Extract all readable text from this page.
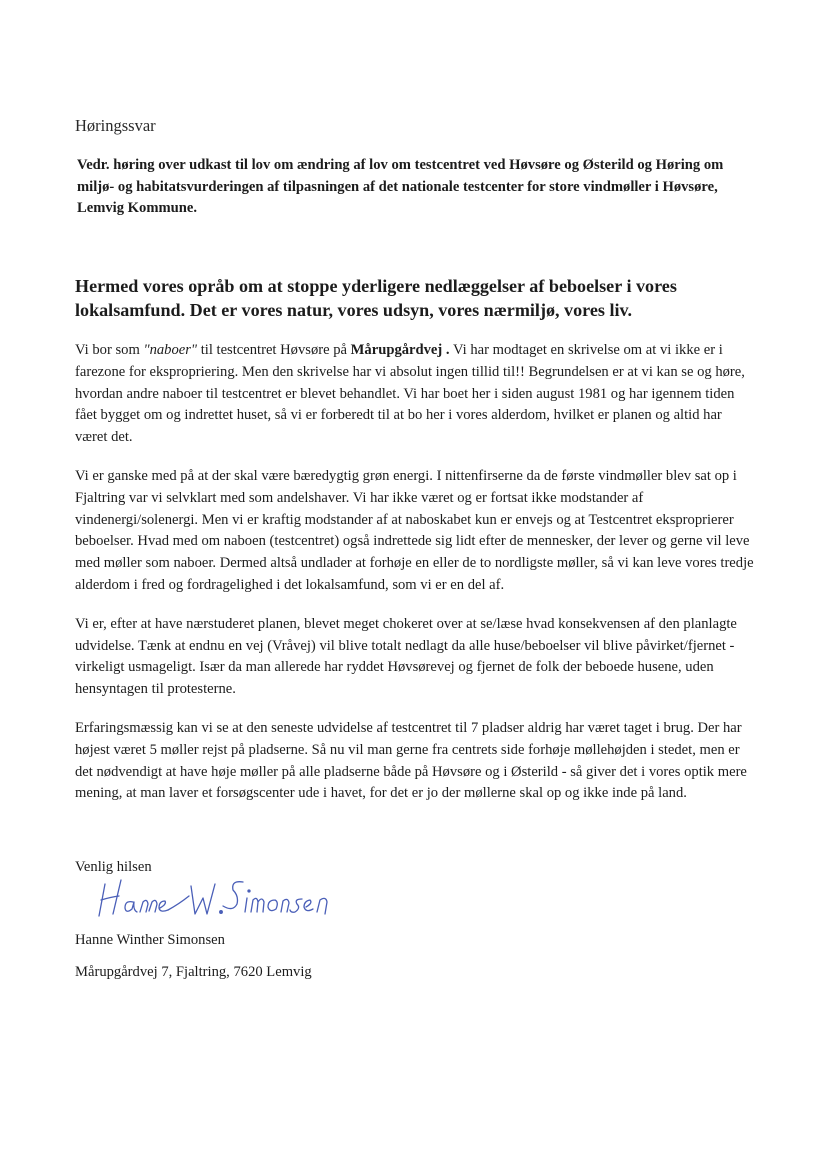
Høringssvar
Vedr. høring over udkast til lov om ændring af lov om testcentret ved Høvsøre og Østerild og Høring om miljø- og habitatsvurderingen af tilpasningen af det nationale testcenter for store vindmøller i Høvsøre, Lemvig Kommune.
Hermed vores opråb om at stoppe yderligere nedlæggelser af beboelser i vores lokalsamfund. Det er vores natur, vores udsyn, vores nærmiljø, vores liv.

Vi bor som "naboer" til testcentret Høvsøre på Mårupgårdvej . Vi har modtaget en skrivelse om at vi ikke er i farezone for ekspropriering. Men den skrivelse har vi absolut ingen tillid til!! Begrundelsen er at vi kan se og høre, hvordan andre naboer til testcentret er blevet behandlet. Vi har boet her i siden august 1981 og har igennem tiden fået bygget om og indrettet huset, så vi er forberedt til at bo her i vores alderdom, hvilket er planen og altid har været det.

Vi er ganske med på at der skal være bæredygtig grøn energi. I nittenfirserne da de første vindmøller blev sat op i Fjaltring var vi selvklart med som andelshaver. Vi har ikke været og er fortsat ikke modstander af vindenergi/solenergi. Men vi er kraftig modstander af at naboskabet kun er envejs og at Testcentret eksproprierer beboelser. Hvad med om naboen (testcentret) også indrettede sig lidt efter de mennesker, der lever og gerne vil leve med møller som naboer. Dermed altså undlader at forhøje en eller de to nordligste møller, så vi kan leve vores tredje alderdom i fred og fordragelighed i det lokalsamfund, som vi er en del af.

Vi er, efter at have nærstuderet planen, blevet meget chokeret over at se/læse hvad konsekvensen af den planlagte udvidelse. Tænk at endnu en vej (Vråvej) vil blive totalt nedlagt da alle huse/beboelser vil blive påvirket/fjernet - virkeligt usmageligt. Især da man allerede har ryddet Høvsørevej og fjernet de folk der beboede husene, uden hensyntagen til protesterne.

Erfaringsmæssig kan vi se at den seneste udvidelse af testcentret til 7 pladser aldrig har været taget i brug. Der har højest været 5 møller rejst på pladserne. Så nu vil man gerne fra centrets side forhøje møllehøjden i stedet, men er det nødvendigt at have høje møller på alle pladserne både på Høvsøre og i Østerild - så giver det i vores optik mere mening, at man laver et forsøgscenter ude i havet, for det er jo der møllerne skal op og ikke inde på land.

Venlig hilsen
Hanne Winther Simonsen
Mårupgårdvej 7, Fjaltring, 7620 Lemvig
